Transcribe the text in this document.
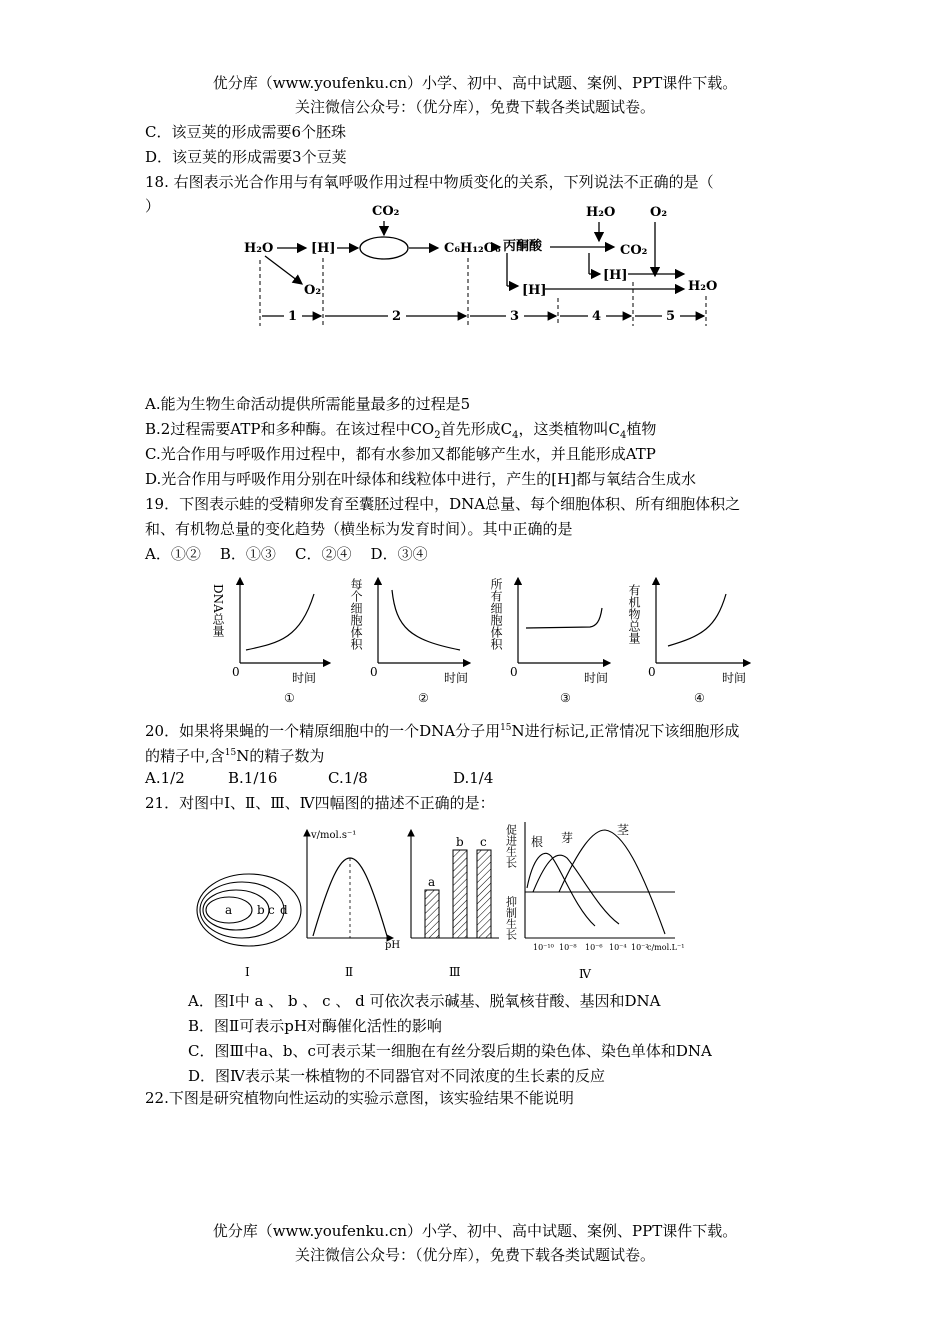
优分库（www.youfenku.cn）小学、初中、高中试题、案例、PPT课件下载。
关注微信公众号：（优分库），免费下载各类试题试卷。
C．该豆荚的形成需要6个胚珠
D．该豆荚的形成需要3个豆荚
18. 右图表示光合作用与有氧呼吸作用过程中物质变化的关系，下列说法不正确的是（
）
H₂O	[H]
CO₂
C₆H₁₂O₆ 丙酮酸
O₂
H₂O	O₂
CO₂
[H]
[H]	H₂O
1	2	3	4	5
A.能为生物生命活动提供所需能量最多的过程是5
B.2过程需要ATP和多种酶。在该过程中$CO_2$首先形成$C_4$，这类植物叫$C_4$植物
C.光合作用与呼吸作用过程中，都有水参加又都能够产生水，并且能形成ATP
D.光合作用与呼吸作用分别在叶绿体和线粒体中进行，产生的[H]都与氧结合生成水
19．下图表示蛙的受精卵发育至囊胚过程中，DNA总量、每个细胞体积、所有细胞体积之
和、有机物总量的变化趋势（横坐标为发育时间）。其中正确的是
A．①②    B．①③    C．②④    D．③④
DNA总量
0	时间
①
每个细胞体积
0	时间
②
所有细胞体积
0	时间
③
有机物总量
0	时间
④
20．如果将果蝇的一个精原细胞中的一个DNA分子用$^{15}$N进行标记,正常情况下该细胞形成
的精子中,含$^{15}$N的精子数为
A.1/2	B.1/16	C.1/8	D.1/4
21．对图中Ⅰ、Ⅱ、Ⅲ、Ⅳ四幅图的描述不正确的是：
a b c d
Ⅰ
v/mol.s⁻¹
pH
Ⅱ
a
b c
Ⅲ
促进生长
抑制生长
根 芽
茎
10⁻¹⁰ 10⁻⁸ 10⁻⁶ 10⁻⁴ 10⁻²
c/mol.L⁻¹
Ⅳ
A．图Ⅰ中 a 、 b 、 c 、 d 可依次表示碱基、脱氧核苷酸、基因和DNA
B．图Ⅱ可表示pH对酶催化活性的影响
C．图Ⅲ中a、b、c可表示某一细胞在有丝分裂后期的染色体、染色单体和DNA
D．图Ⅳ表示某一株植物的不同器官对不同浓度的生长素的反应
22.下图是研究植物向性运动的实验示意图，该实验结果不能说明
优分库（www.youfenku.cn）小学、初中、高中试题、案例、PPT课件下载。
关注微信公众号：（优分库），免费下载各类试题试卷。
